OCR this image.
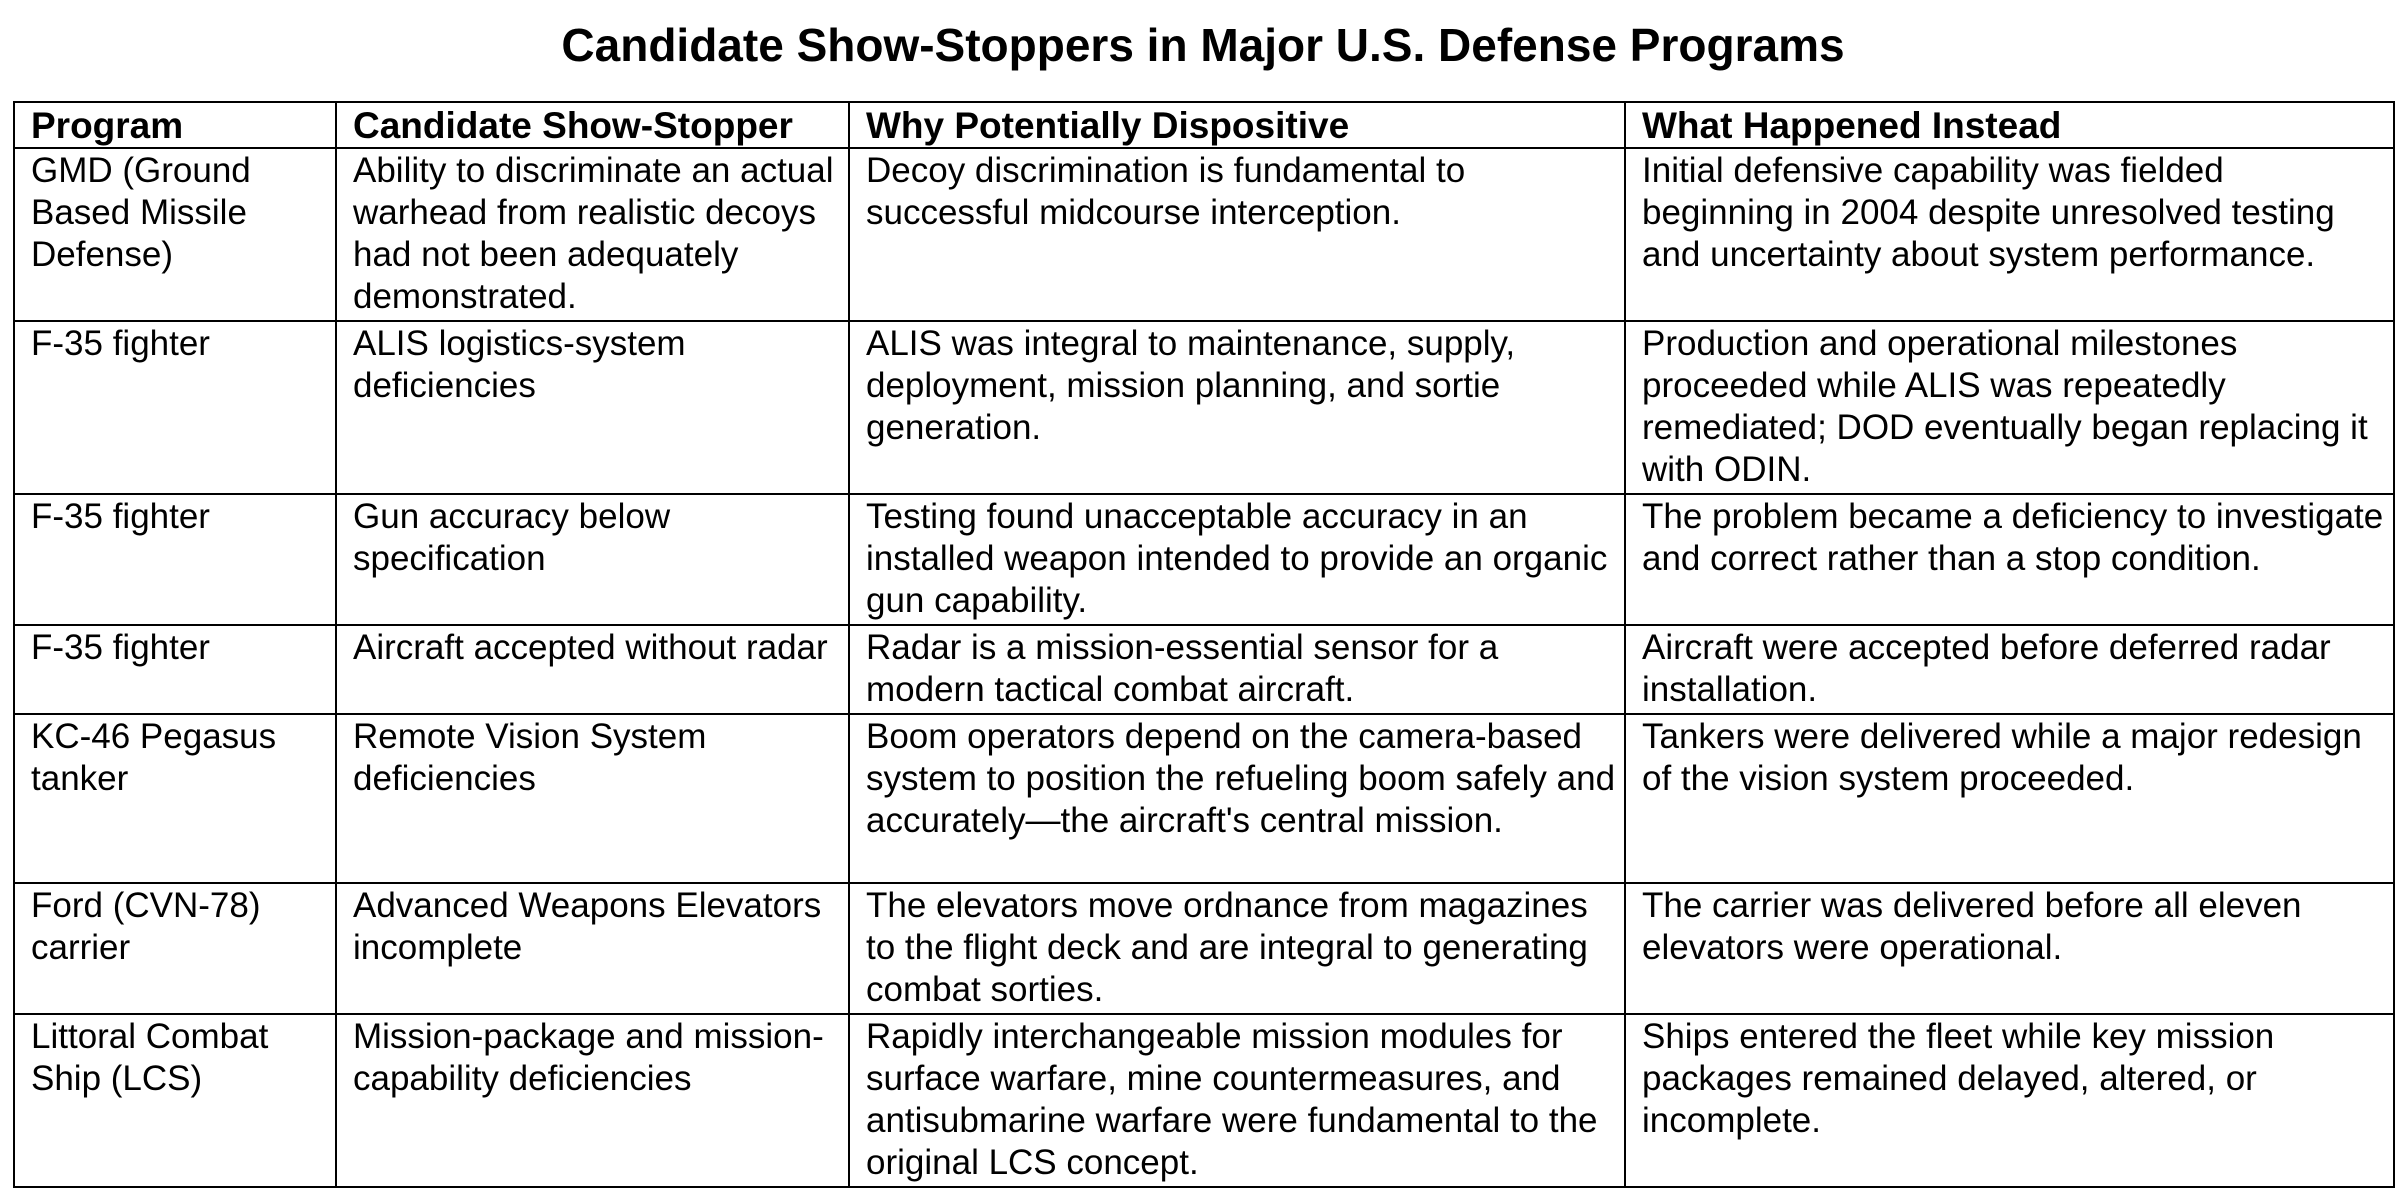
Candidate Show-Stoppers in Major U.S. Defense Programs
Program	Candidate Show-Stopper	Why Potentially Dispositive	What Happened Instead
GMD (Ground Based Missile Defense)	Ability to discriminate an actual warhead from realistic decoys had not been adequately demonstrated.	Decoy discrimination is fundamental to successful midcourse interception.	Initial defensive capability was fielded beginning in 2004 despite unresolved testing and uncertainty about system performance.
F-35 fighter	ALIS logistics-system deficiencies	ALIS was integral to maintenance, supply, deployment, mission planning, and sortie generation.	Production and operational milestones proceeded while ALIS was repeatedly remediated; DOD eventually began replacing it with ODIN.
F-35 fighter	Gun accuracy below specification	Testing found unacceptable accuracy in an installed weapon intended to provide an organic gun capability.	The problem became a deficiency to investigate and correct rather than a stop condition.
F-35 fighter	Aircraft accepted without radar	Radar is a mission-essential sensor for a modern tactical combat aircraft.	Aircraft were accepted before deferred radar installation.
KC-46 Pegasus tanker	Remote Vision System deficiencies	Boom operators depend on the camera-based system to position the refueling boom safely and accurately—the aircraft's central mission.	Tankers were delivered while a major redesign of the vision system proceeded.
Ford (CVN-78) carrier	Advanced Weapons Elevators incomplete	The elevators move ordnance from magazines to the flight deck and are integral to generating combat sorties.	The carrier was delivered before all eleven elevators were operational.
Littoral Combat Ship (LCS)	Mission-package and mission-capability deficiencies	Rapidly interchangeable mission modules for surface warfare, mine countermeasures, and antisubmarine warfare were fundamental to the original LCS concept.	Ships entered the fleet while key mission packages remained delayed, altered, or incomplete.
